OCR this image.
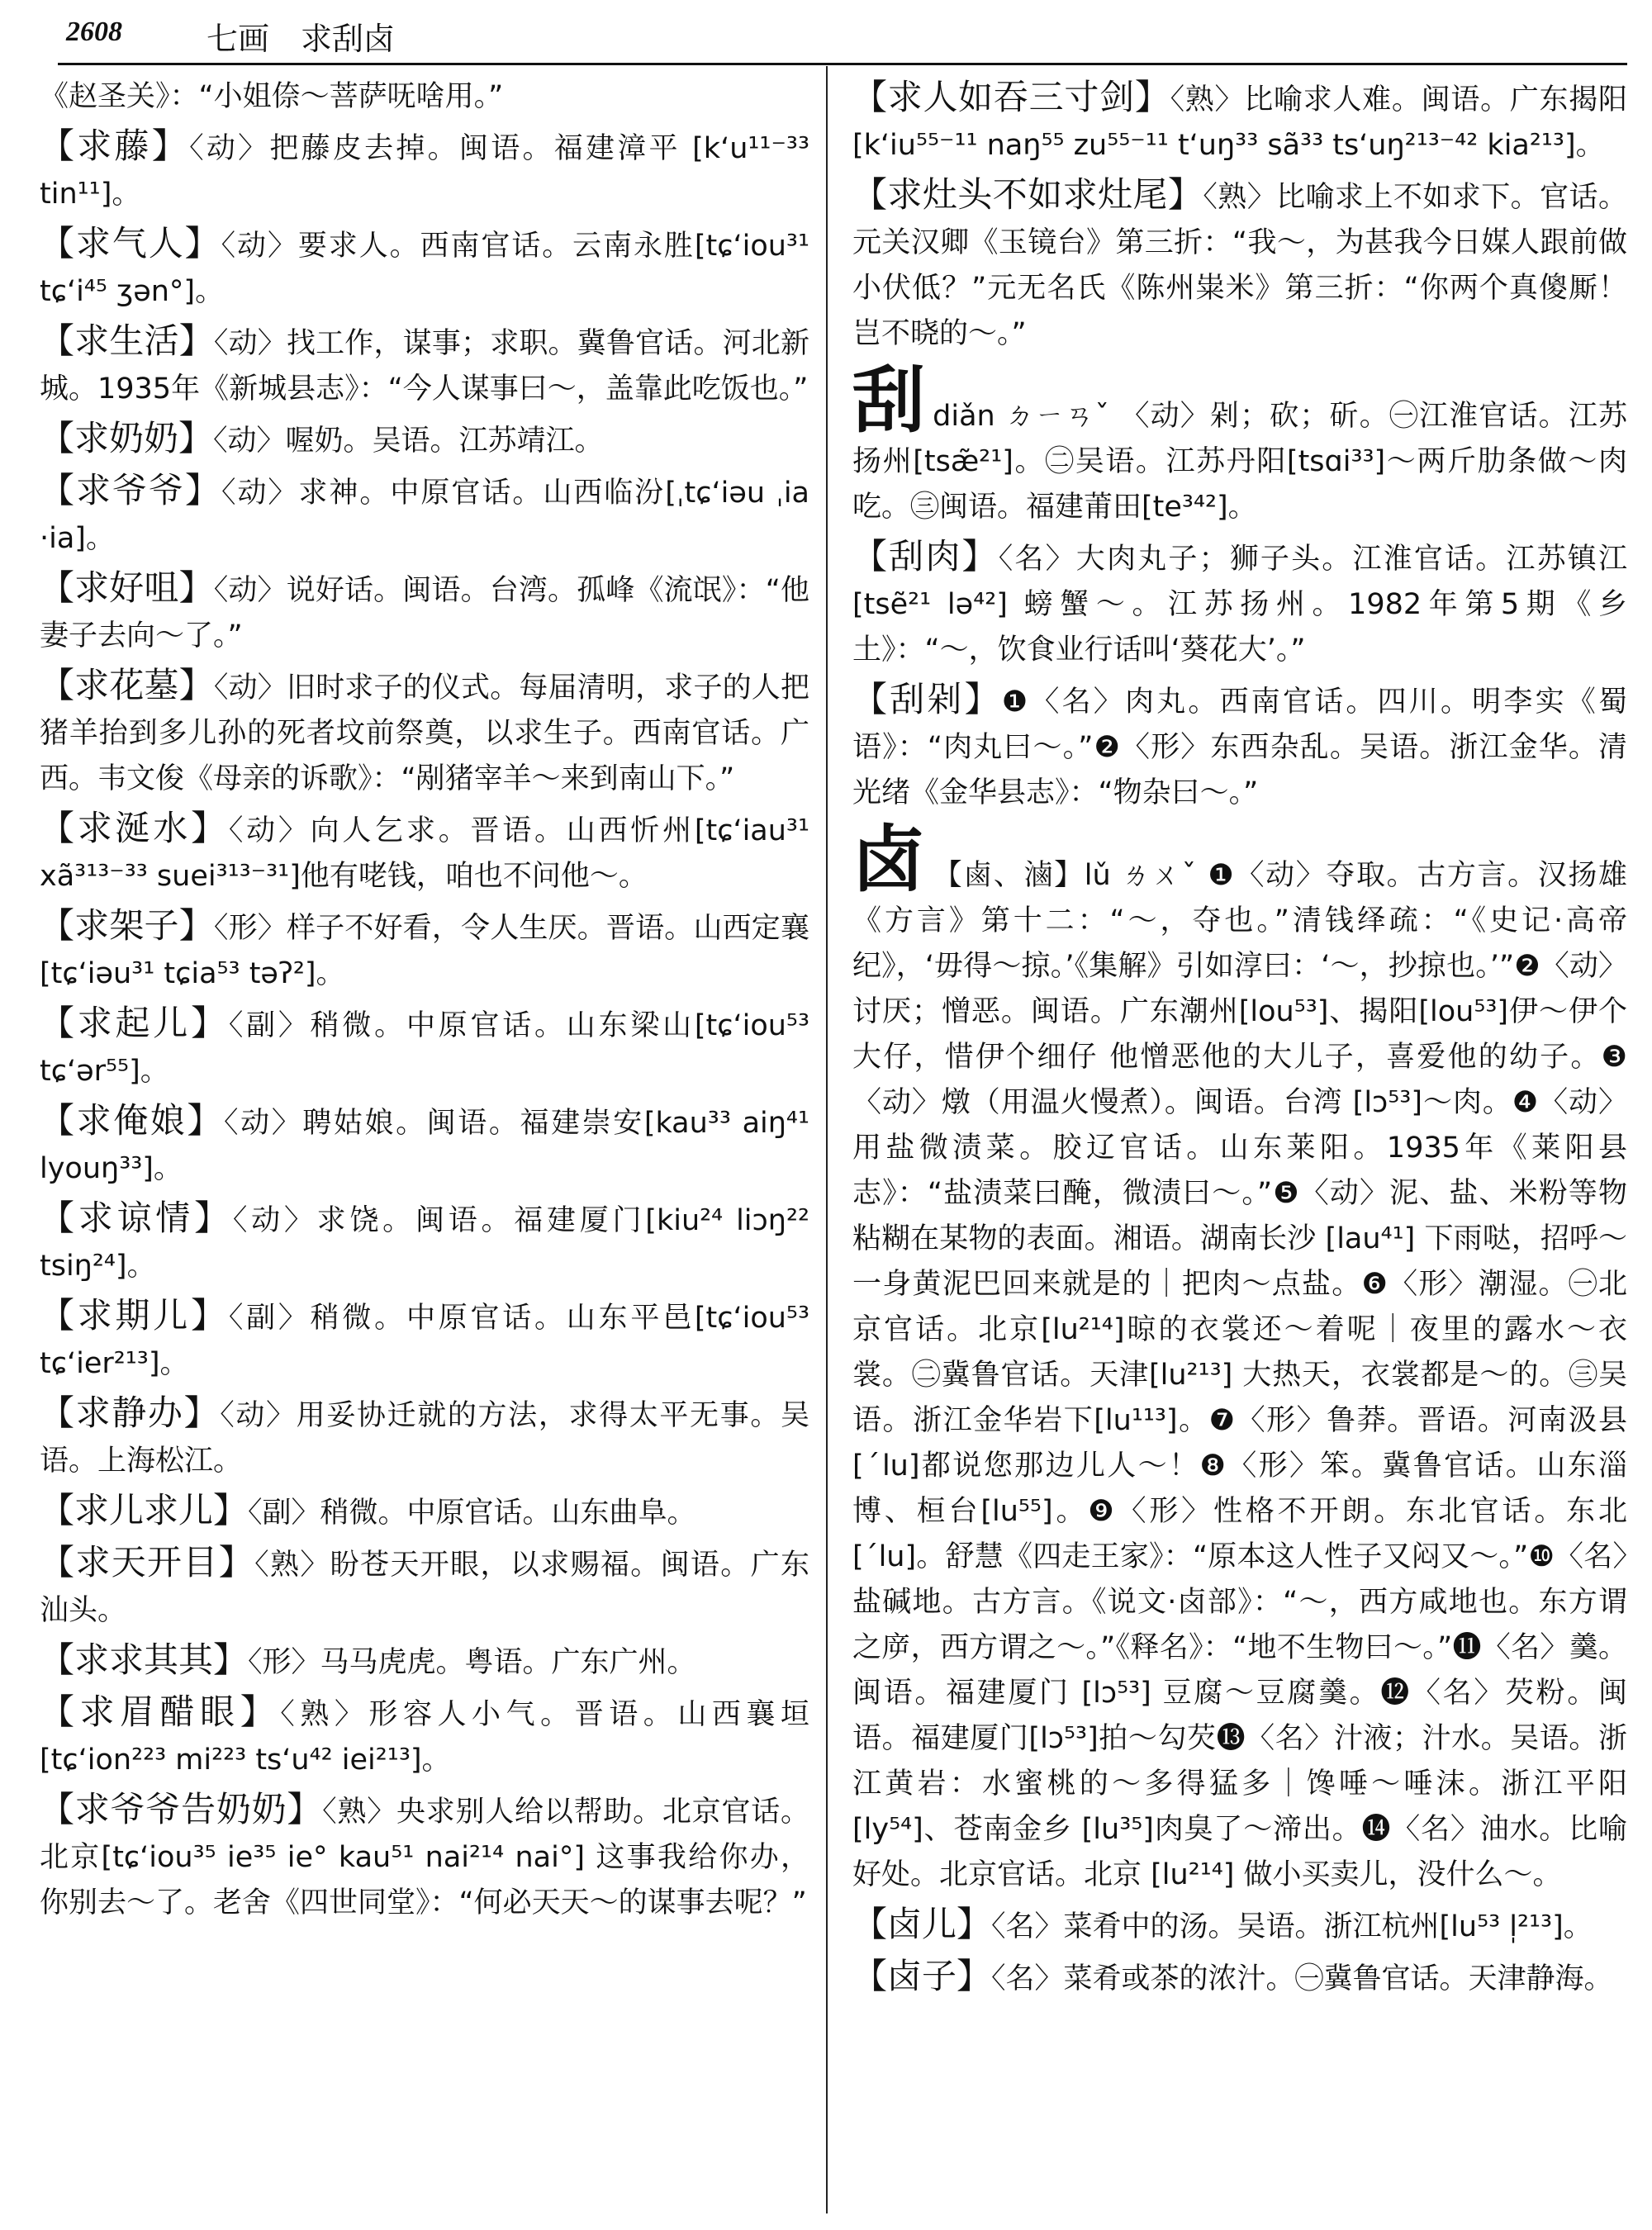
2608	七画　求刮卤
《赵圣关》：“小姐倷～菩萨呒啥用。”
【求藤】〈动〉把藤皮去掉。闽语。福建漳平 [kʻu¹¹⁻³³ tin¹¹]。
【求气人】〈动〉要求人。西南官话。云南永胜[tɕʻiou³¹ tɕʻi⁴⁵ ʒən°]。
【求生活】〈动〉找工作，谋事；求职。冀鲁官话。河北新城。1935年《新城县志》：“今人谋事曰～，盖靠此吃饭也。”
【求奶奶】〈动〉喔奶。吴语。江苏靖江。
【求爷爷】〈动〉求神。中原官话。山西临汾[ˌtɕʻiəu ˌia ·ia]。
【求好咀】〈动〉说好话。闽语。台湾。孤峰《流氓》：“他妻子去向～了。”
【求花墓】〈动〉旧时求子的仪式。每届清明，求子的人把猪羊抬到多儿孙的死者坟前祭奠，以求生子。西南官话。广西。韦文俊《母亲的诉歌》：“剐猪宰羊～来到南山下。”
【求涎水】〈动〉向人乞求。晋语。山西忻州[tɕʻiau³¹ xã³¹³⁻³³ suei³¹³⁻³¹]他有咾钱，咱也不问他～。
【求架子】〈形〉样子不好看，令人生厌。晋语。山西定襄[tɕʻiəu³¹ tɕia⁵³ təʔ²]。
【求起儿】〈副〉稍微。中原官话。山东梁山[tɕʻiou⁵³ tɕʻər⁵⁵]。
【求俺娘】〈动〉聘姑娘。闽语。福建崇安[kau³³ aiŋ⁴¹ lyouŋ³³]。
【求谅情】〈动〉求饶。闽语。福建厦门[kiu²⁴ liɔŋ²² tsiŋ²⁴]。
【求期儿】〈副〉稍微。中原官话。山东平邑[tɕʻiou⁵³ tɕʻier²¹³]。
【求静办】〈动〉用妥协迁就的方法，求得太平无事。吴语。上海松江。
【求儿求儿】〈副〉稍微。中原官话。山东曲阜。
【求天开目】〈熟〉盼苍天开眼，以求赐福。闽语。广东汕头。
【求求其其】〈形〉马马虎虎。粤语。广东广州。
【求眉醋眼】〈熟〉形容人小气。晋语。山西襄垣[tɕʻion²²³ mi²²³ tsʻu⁴² iei²¹³]。
【求爷爷告奶奶】〈熟〉央求别人给以帮助。北京官话。北京[tɕʻiou³⁵ ie³⁵ ie° kau⁵¹ nai²¹⁴ nai°] 这事我给你办，你别去～了。老舍《四世同堂》：“何必天天～的谋事去呢？”
【求人如吞三寸剑】〈熟〉比喻求人难。闽语。广东揭阳 [kʻiu⁵⁵⁻¹¹ naŋ⁵⁵ zu⁵⁵⁻¹¹ tʻuŋ³³ sã³³ tsʻuŋ²¹³⁻⁴² kia²¹³]。
【求灶头不如求灶尾】〈熟〉比喻求上不如求下。官话。元关汉卿《玉镜台》第三折：“我～，为甚我今日媒人跟前做小伏低？”元无名氏《陈州粜米》第三折：“你两个真傻厮！岂不晓的～。”
刮diǎn ㄉㄧㄢˇ 〈动〉剁；砍；斫。㊀江淮官话。江苏扬州[tsæ̃²¹]。㊁吴语。江苏丹阳[tsɑi³³]～两斤肋条做～肉吃。㊂闽语。福建莆田[te³⁴²]。
【刮肉】〈名〉大肉丸子；狮子头。江淮官话。江苏镇江[tsẽ²¹ lə⁴²] 螃蟹～。江苏扬州。1982年第5期《乡土》：“～，饮食业行话叫‘葵花大’。”
【刮剁】❶〈名〉肉丸。西南官话。四川。明李实《蜀语》：“肉丸曰～。”❷〈形〉东西杂乱。吴语。浙江金华。清光绪《金华县志》：“物杂曰～。”
卤 【鹵、滷】lǔ ㄌㄨˇ ❶〈动〉夺取。古方言。汉扬雄《方言》第十二：“～，夺也。”清钱绎疏：“《史记·高帝纪》，‘毋得～掠。’《集解》引如淳曰：‘～，抄掠也。’”❷〈动〉讨厌；憎恶。闽语。广东潮州[lou⁵³]、揭阳[lou⁵³]伊～伊个大仔，惜伊个细仔 他憎恶他的大儿子，喜爱他的幼子。❸〈动〉燉（用温火慢煮）。闽语。台湾 [lɔ⁵³]～肉。❹〈动〉用盐微渍菜。胶辽官话。山东莱阳。1935年《莱阳县志》：“盐渍菜曰醃，微渍曰～。”❺〈动〉泥、盐、米粉等物粘糊在某物的表面。湘语。湖南长沙 [lau⁴¹] 下雨哒，招呼～一身黄泥巴回来就是的｜把肉～点盐。❻〈形〉潮湿。㊀北京官话。北京[lu²¹⁴]晾的衣裳还～着呢｜夜里的露水～衣裳。㊁冀鲁官话。天津[lu²¹³] 大热天，衣裳都是～的。㊂吴语。浙江金华岩下[lu¹¹³]。❼〈形〉鲁莽。晋语。河南汲县 [ˊlu]都说您那边儿人～！❽〈形〉笨。冀鲁官话。山东淄博、桓台[lu⁵⁵]。❾〈形〉性格不开朗。东北官话。东北[ˊlu]。舒慧《四走王家》：“原本这人性子又闷又～。”❿〈名〉盐碱地。古方言。《说文·卤部》：“～，西方咸地也。东方谓之㡿，西方谓之～。”《释名》：“地不生物曰～。”⓫〈名〉羹。闽语。福建厦门 [lɔ⁵³] 豆腐～豆腐羹。⓬〈名〉芡粉。闽语。福建厦门[lɔ⁵³]拍～勾芡⓭〈名〉汁液；汁水。吴语。浙江黄岩：水蜜桃的～多得猛多｜馋唾～唾沫。浙江平阳[ly⁵⁴]、苍南金乡 [lu³⁵]肉臭了～渧出。⓮〈名〉油水。比喻好处。北京官话。北京 [lu²¹⁴] 做小买卖儿，没什么～。
【卤儿】〈名〉菜肴中的汤。吴语。浙江杭州[lu⁵³ l̩²¹³]。
【卤子】〈名〉菜肴或茶的浓汁。㊀冀鲁官话。天津静海。
